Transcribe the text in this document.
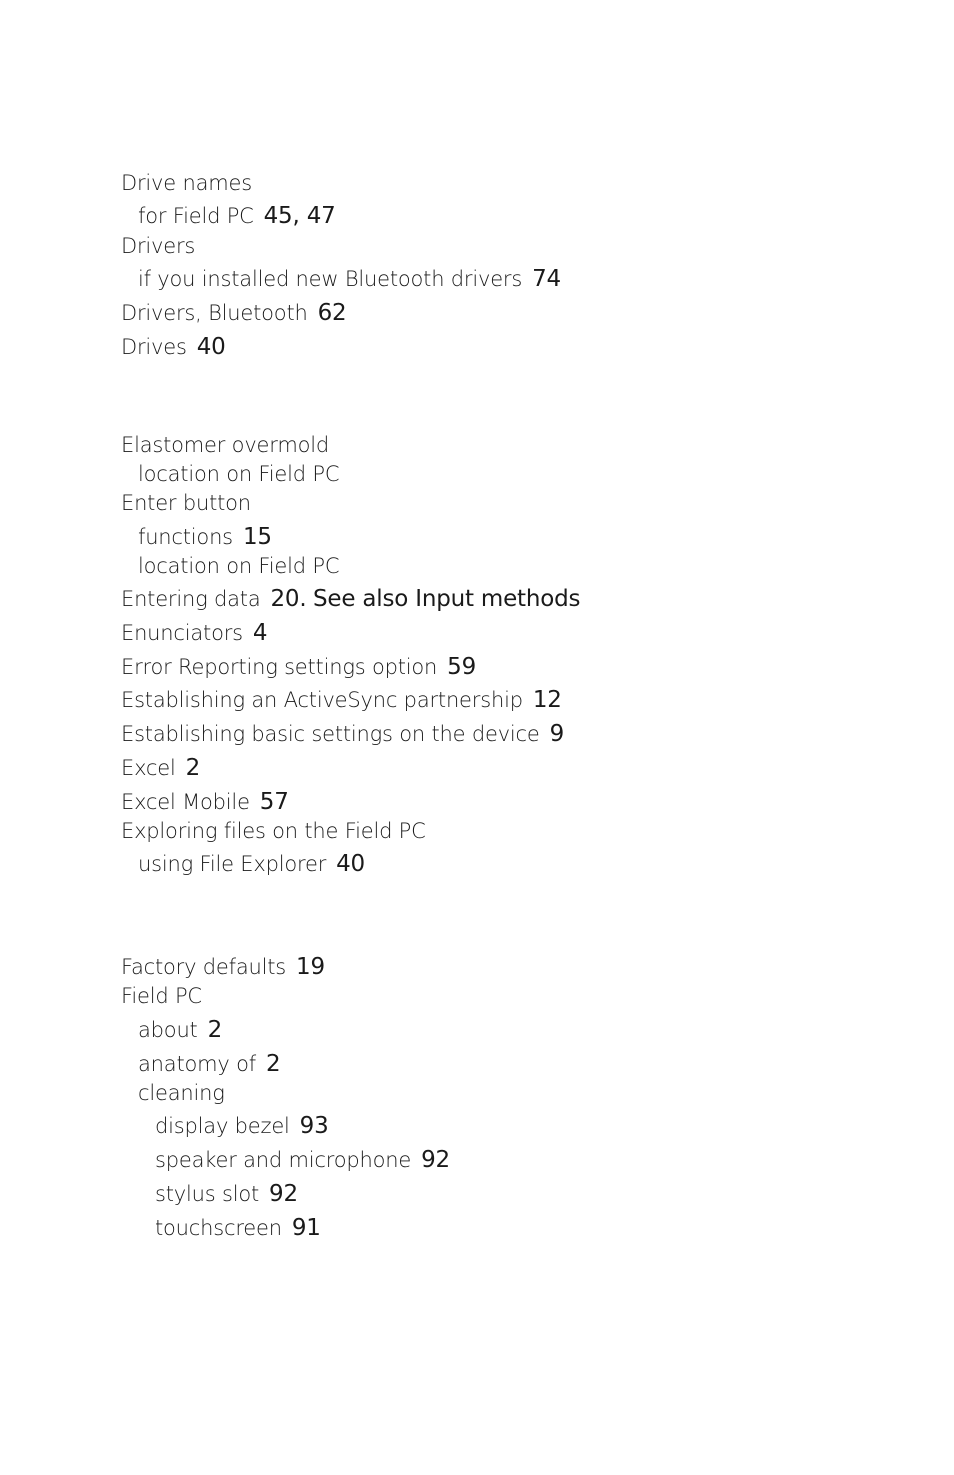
Drive names
for Field PC 45, 47
Drivers
if you installed new Bluetooth drivers 74
Drivers, Bluetooth 62
Drives 40
Elastomer overmold
location on Field PC
Enter button
functions 15
location on Field PC
Entering data 20. See also Input methods
Enunciators 4
Error Reporting settings option 59
Establishing an ActiveSync partnership 12
Establishing basic settings on the device 9
Excel 2
Excel Mobile 57
Exploring files on the Field PC
using File Explorer 40
Factory defaults 19
Field PC
about 2
anatomy of 2
cleaning
display bezel 93
speaker and microphone 92
stylus slot 92
touchscreen 91
